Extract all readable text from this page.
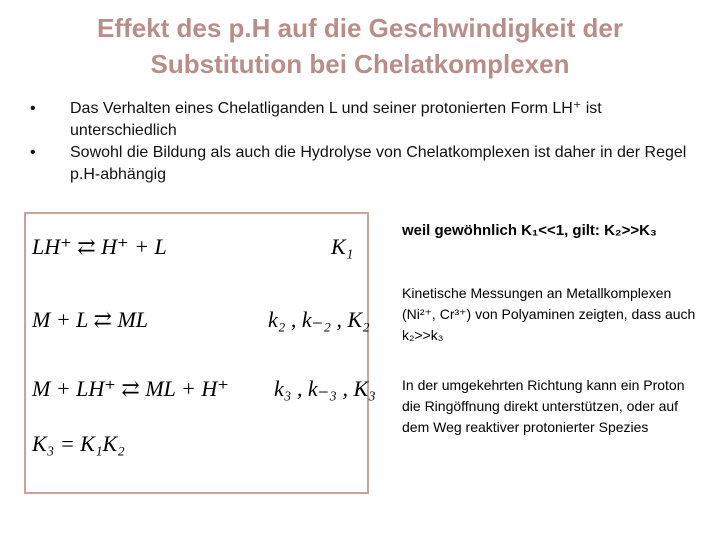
Effekt des p.H auf die Geschwindigkeit der
Substitution bei Chelatkomplexen
• Das Verhalten eines Chelatliganden L und seiner protonierten Form LH⁺ ist unterschiedlich
• Sowohl die Bildung als auch die Hydrolyse von Chelatkomplexen ist daher in der Regel p.H-abhängig
LH⁺ ⇄ H⁺ + L	K₁
M + L ⇄ ML	k₂ , k₋₂ , K₂
M + LH⁺ ⇄ ML + H⁺ k₃ , k₋₃ , K₃
K₃ = K₁K₂
weil gewöhnlich K₁<<1, gilt: K₂>>K₃
Kinetische Messungen an Metallkomplexen (Ni²⁺, Cr³⁺) von Polyaminen zeigten, dass auch k₂>>k₃
In der umgekehrten Richtung kann ein Proton die Ringöffnung direkt unterstützen, oder auf dem Weg reaktiver protonierter Spezies
